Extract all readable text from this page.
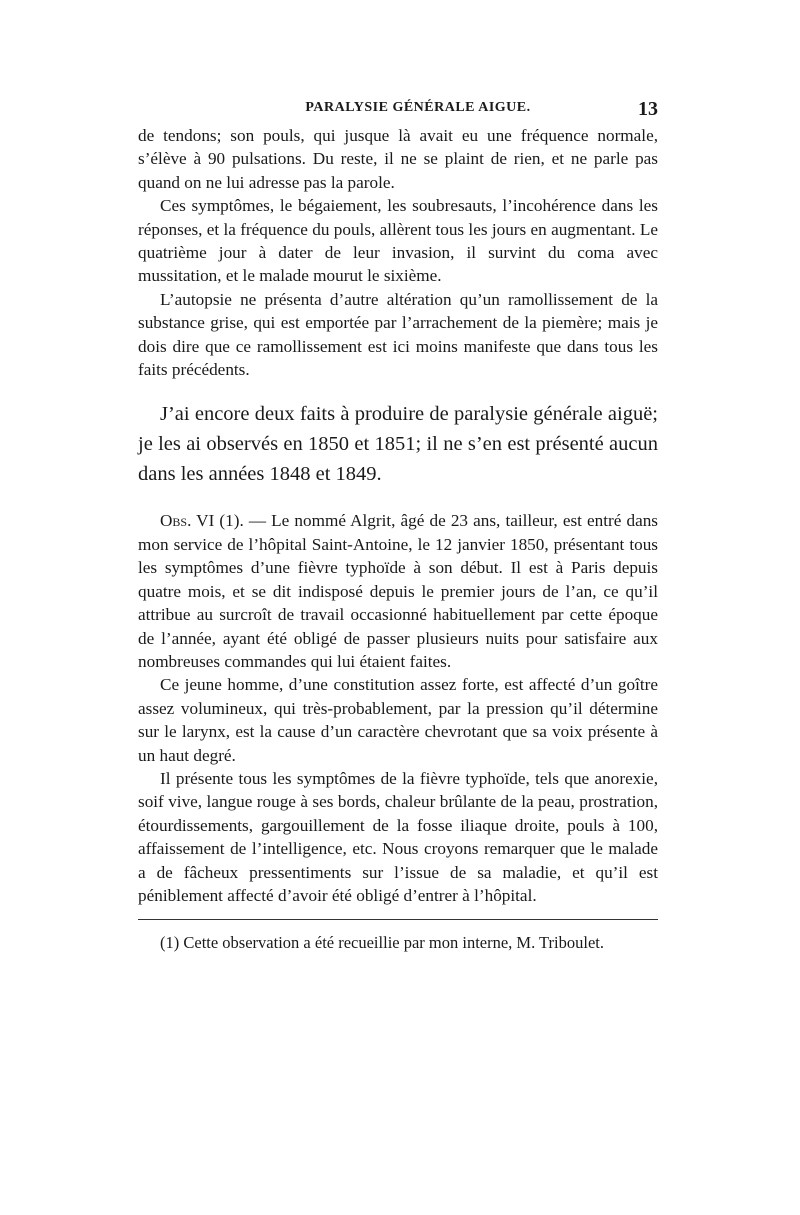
PARALYSIE GÉNÉRALE AIGUE.	13

de tendons; son pouls, qui jusque là avait eu une fréquence normale, s’élève à 90 pulsations. Du reste, il ne se plaint de rien, et ne parle pas quand on ne lui adresse pas la parole.

Ces symptômes, le bégaiement, les soubresauts, l’incohérence dans les réponses, et la fréquence du pouls, allèrent tous les jours en augmentant. Le quatrième jour à dater de leur invasion, il survint du coma avec mussitation, et le malade mourut le sixième.

L’autopsie ne présenta d’autre altération qu’un ramollissement de la substance grise, qui est emportée par l’arrachement de la piemère; mais je dois dire que ce ramollissement est ici moins manifeste que dans tous les faits précédents.

J’ai encore deux faits à produire de paralysie générale aiguë; je les ai observés en 1850 et 1851; il ne s’en est présenté aucun dans les années 1848 et 1849.

Obs. VI (1). — Le nommé Algrit, âgé de 23 ans, tailleur, est entré dans mon service de l’hôpital Saint-Antoine, le 12 janvier 1850, présentant tous les symptômes d’une fièvre typhoïde à son début. Il est à Paris depuis quatre mois, et se dit indisposé depuis le premier jours de l’an, ce qu’il attribue au surcroît de travail occasionné habituellement par cette époque de l’année, ayant été obligé de passer plusieurs nuits pour satisfaire aux nombreuses commandes qui lui étaient faites.

Ce jeune homme, d’une constitution assez forte, est affecté d’un goître assez volumineux, qui très-probablement, par la pression qu’il détermine sur le larynx, est la cause d’un caractère chevrotant que sa voix présente à un haut degré.

Il présente tous les symptômes de la fièvre typhoïde, tels que anorexie, soif vive, langue rouge à ses bords, chaleur brûlante de la peau, prostration, étourdissements, gargouillement de la fosse iliaque droite, pouls à 100, affaissement de l’intelligence, etc. Nous croyons remarquer que le malade a de fâcheux pressentiments sur l’issue de sa maladie, et qu’il est péniblement affecté d’avoir été obligé d’entrer à l’hôpital.

(1) Cette observation a été recueillie par mon interne, M. Triboulet.
